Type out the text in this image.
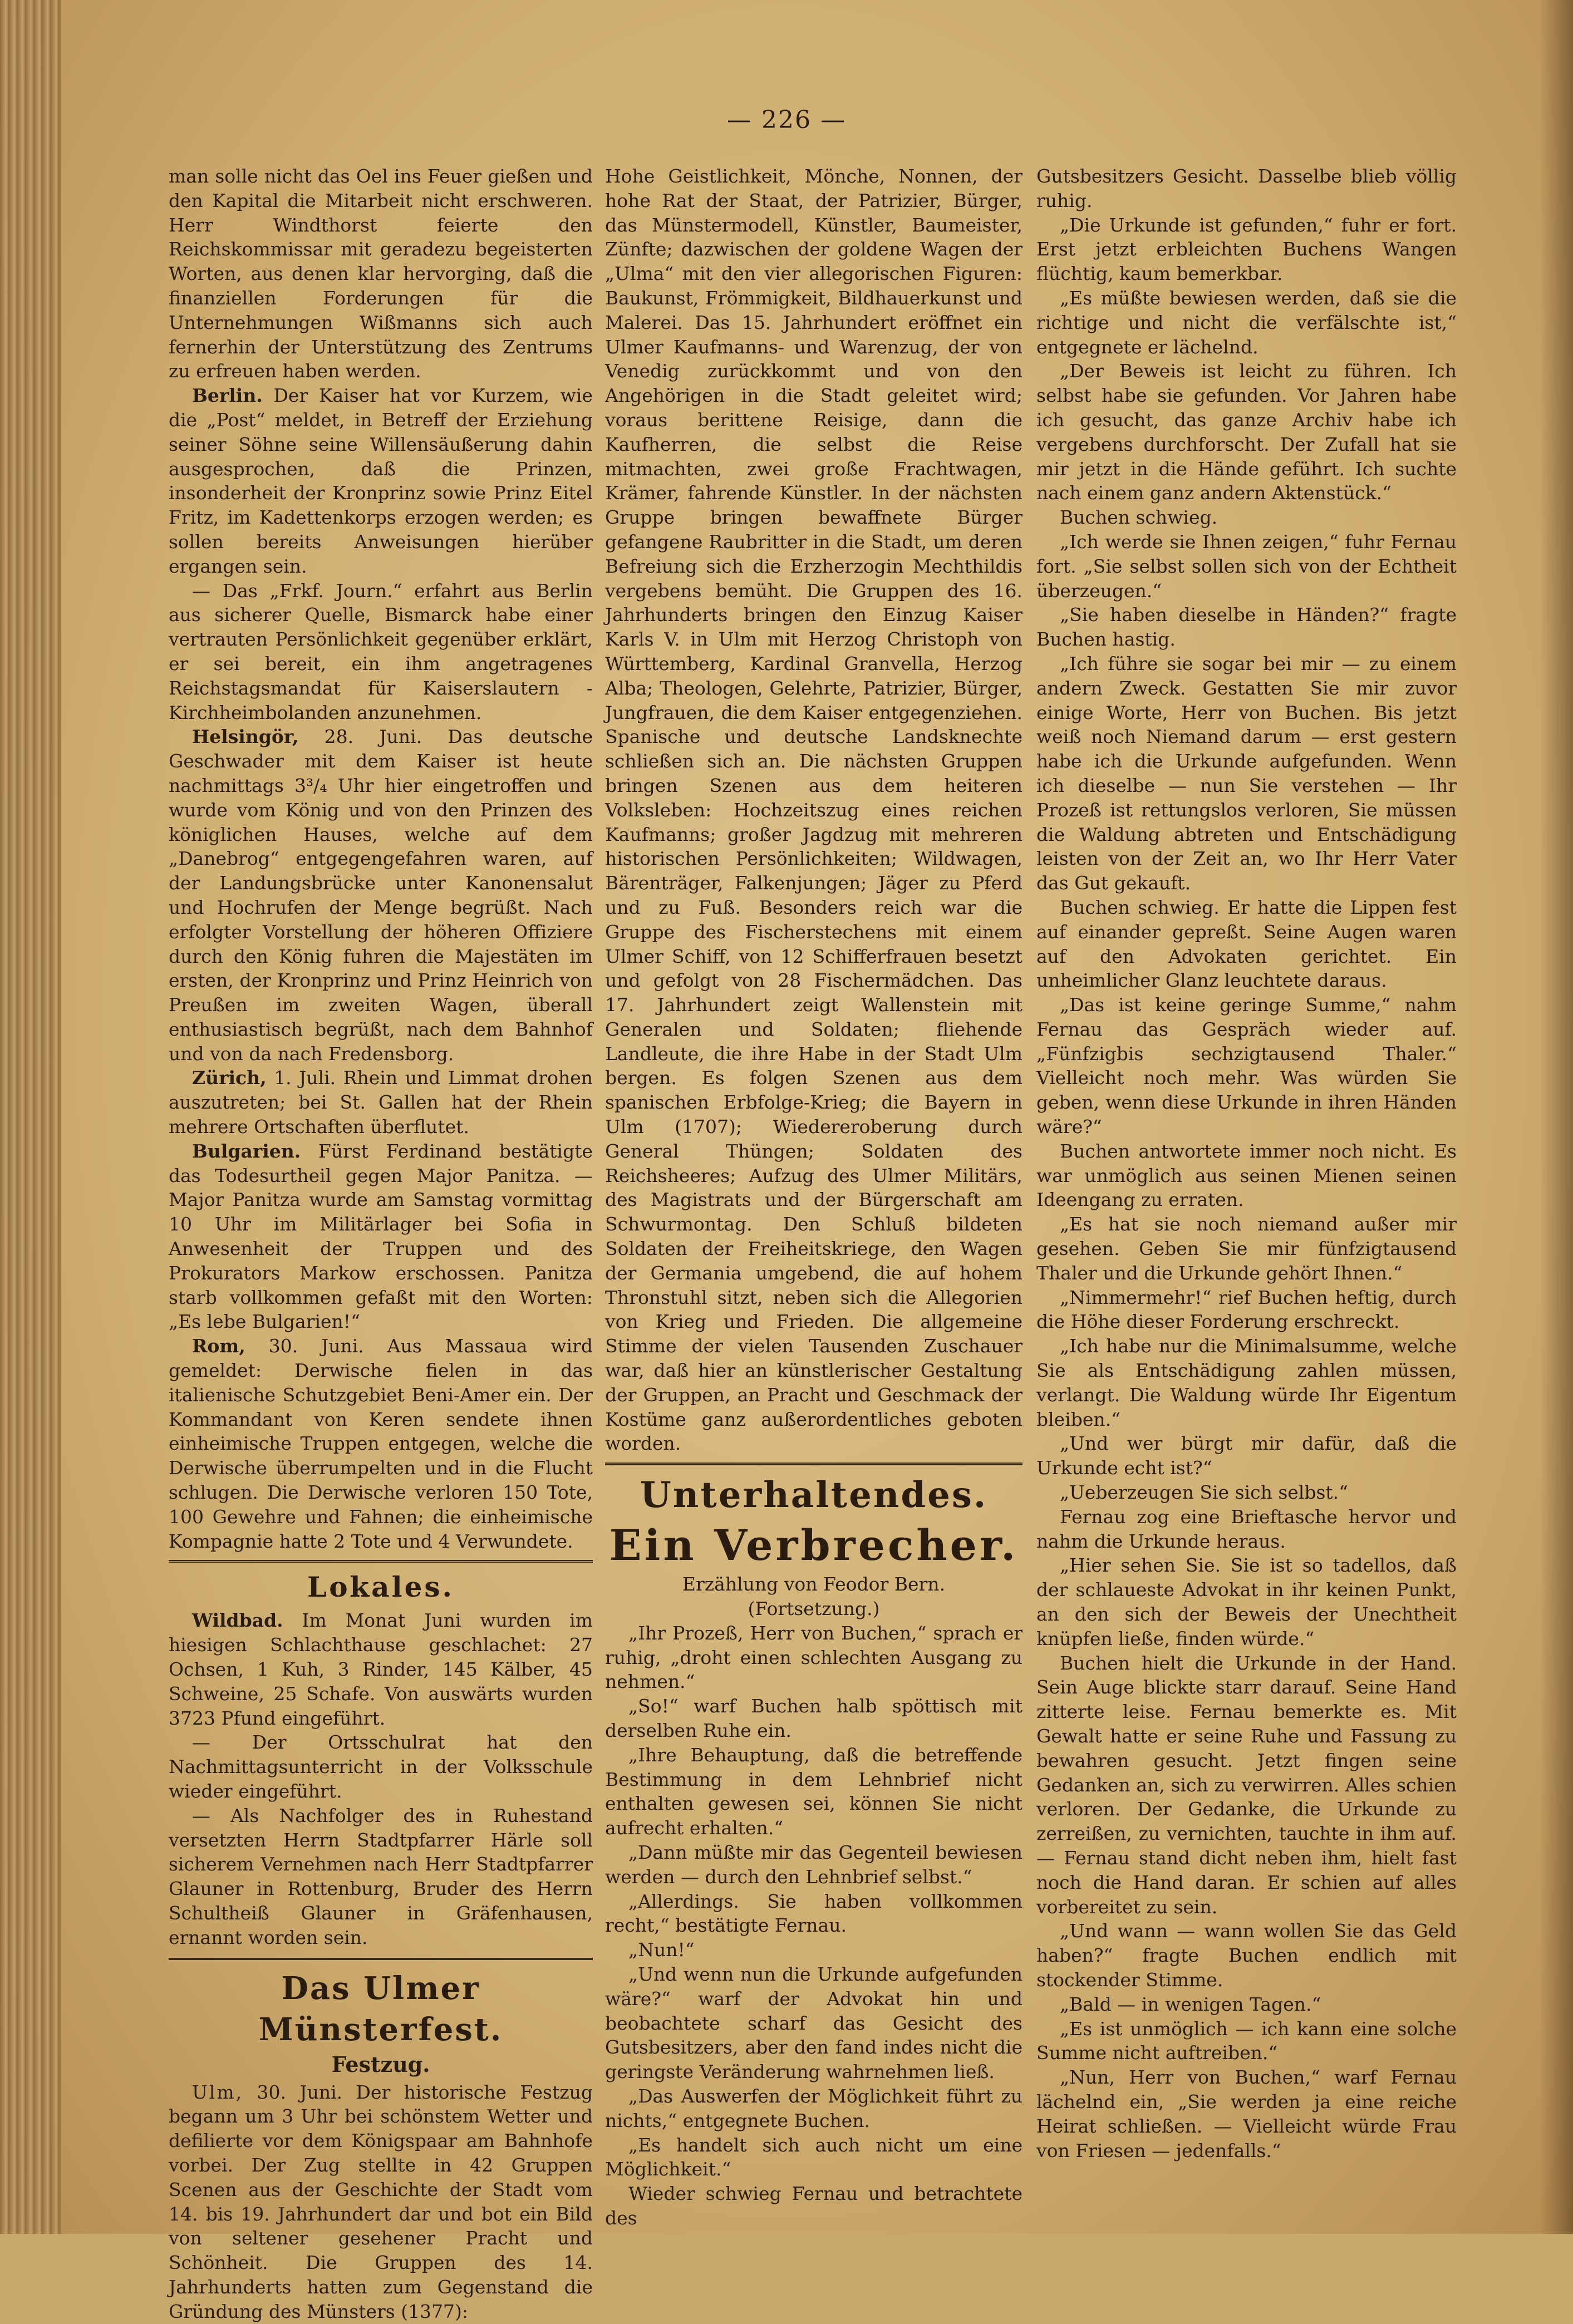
— 226 —

man solle nicht das Oel ins Feuer gießen und den Kapital die Mitarbeit nicht erschweren. Herr Windthorst feierte den Reichskommissar mit geradezu begeisterten Worten, aus denen klar hervorging, daß die finanziellen Forderungen für die Unternehmungen Wißmanns sich auch fernerhin der Unterstützung des Zentrums zu erfreuen haben werden.

Berlin. Der Kaiser hat vor Kurzem, wie die „Post“ meldet, in Betreff der Erziehung seiner Söhne seine Willensäußerung dahin ausgesprochen, daß die Prinzen, insonderheit der Kronprinz sowie Prinz Eitel Fritz, im Kadettenkorps erzogen werden; es sollen bereits Anweisungen hierüber ergangen sein.

— Das „Frkf. Journ.“ erfahrt aus Berlin aus sicherer Quelle, Bismarck habe einer vertrauten Persönlichkeit gegenüber erklärt, er sei bereit, ein ihm angetragenes Reichstagsmandat für Kaiserslautern - Kirchheimbolanden anzunehmen.

Helsingör, 28. Juni. Das deutsche Geschwader mit dem Kaiser ist heute nachmittags 3³/₄ Uhr hier eingetroffen und wurde vom König und von den Prinzen des königlichen Hauses, welche auf dem „Danebrog“ entgegengefahren waren, auf der Landungsbrücke unter Kanonensalut und Hochrufen der Menge begrüßt. Nach erfolgter Vorstellung der höheren Offiziere durch den König fuhren die Majestäten im ersten, der Kronprinz und Prinz Heinrich von Preußen im zweiten Wagen, überall enthusiastisch begrüßt, nach dem Bahnhof und von da nach Fredensborg.

Zürich, 1. Juli. Rhein und Limmat drohen auszutreten; bei St. Gallen hat der Rhein mehrere Ortschaften überflutet.

Bulgarien. Fürst Ferdinand bestätigte das Todesurtheil gegen Major Panitza. — Major Panitza wurde am Samstag vormittag 10 Uhr im Militärlager bei Sofia in Anwesenheit der Truppen und des Prokurators Markow erschossen. Panitza starb vollkommen gefaßt mit den Worten: „Es lebe Bulgarien!“

Rom, 30. Juni. Aus Massaua wird gemeldet: Derwische fielen in das italienische Schutzgebiet Beni-Amer ein. Der Kommandant von Keren sendete ihnen einheimische Truppen entgegen, welche die Derwische überrumpelten und in die Flucht schlugen. Die Derwische verloren 150 Tote, 100 Gewehre und Fahnen; die einheimische Kompagnie hatte 2 Tote und 4 Verwundete.

Lokales.

Wildbad. Im Monat Juni wurden im hiesigen Schlachthause geschlachet: 27 Ochsen, 1 Kuh, 3 Rinder, 145 Kälber, 45 Schweine, 25 Schafe. Von auswärts wurden 3723 Pfund eingeführt.

— Der Ortsschulrat hat den Nachmittagsunterricht in der Volksschule wieder eingeführt.

— Als Nachfolger des in Ruhestand versetzten Herrn Stadtpfarrer Härle soll sicherem Vernehmen nach Herr Stadtpfarrer Glauner in Rottenburg, Bruder des Herrn Schultheiß Glauner in Gräfenhausen, ernannt worden sein.

Das Ulmer Münsterfest.
Festzug.

Ulm, 30. Juni. Der historische Festzug begann um 3 Uhr bei schönstem Wetter und defilierte vor dem Königspaar am Bahnhofe vorbei. Der Zug stellte in 42 Gruppen Scenen aus der Geschichte der Stadt vom 14. bis 19. Jahrhundert dar und bot ein Bild von seltener gesehener Pracht und Schönheit. Die Gruppen des 14. Jahrhunderts hatten zum Gegenstand die Gründung des Münsters (1377):

Hohe Geistlichkeit, Mönche, Nonnen, der hohe Rat der Staat, der Patrizier, Bürger, das Münstermodell, Künstler, Baumeister, Zünfte; dazwischen der goldene Wagen der „Ulma“ mit den vier allegorischen Figuren: Baukunst, Frömmigkeit, Bildhauerkunst und Malerei. Das 15. Jahrhundert eröffnet ein Ulmer Kaufmanns- und Warenzug, der von Venedig zurückkommt und von den Angehörigen in die Stadt geleitet wird; voraus berittene Reisige, dann die Kaufherren, die selbst die Reise mitmachten, zwei große Frachtwagen, Krämer, fahrende Künstler. In der nächsten Gruppe bringen bewaffnete Bürger gefangene Raubritter in die Stadt, um deren Befreiung sich die Erzherzogin Mechthildis vergebens bemüht. Die Gruppen des 16. Jahrhunderts bringen den Einzug Kaiser Karls V. in Ulm mit Herzog Christoph von Württemberg, Kardinal Granvella, Herzog Alba; Theologen, Gelehrte, Patrizier, Bürger, Jungfrauen, die dem Kaiser entgegenziehen. Spanische und deutsche Landsknechte schließen sich an. Die nächsten Gruppen bringen Szenen aus dem heiteren Volksleben: Hochzeitszug eines reichen Kaufmanns; großer Jagdzug mit mehreren historischen Persönlichkeiten; Wildwagen, Bärenträger, Falkenjungen; Jäger zu Pferd und zu Fuß. Besonders reich war die Gruppe des Fischerstechens mit einem Ulmer Schiff, von 12 Schifferfrauen besetzt und gefolgt von 28 Fischermädchen. Das 17. Jahrhundert zeigt Wallenstein mit Generalen und Soldaten; fliehende Landleute, die ihre Habe in der Stadt Ulm bergen. Es folgen Szenen aus dem spanischen Erbfolge-Krieg; die Bayern in Ulm (1707); Wiedereroberung durch General Thüngen; Soldaten des Reichsheeres; Aufzug des Ulmer Militärs, des Magistrats und der Bürgerschaft am Schwurmontag. Den Schluß bildeten Soldaten der Freiheitskriege, den Wagen der Germania umgebend, die auf hohem Thronstuhl sitzt, neben sich die Allegorien von Krieg und Frieden. Die allgemeine Stimme der vielen Tausenden Zuschauer war, daß hier an künstlerischer Gestaltung der Gruppen, an Pracht und Geschmack der Kostüme ganz außerordentliches geboten worden.

Unterhaltendes.
Ein Verbrecher.

Erzählung von Feodor Bern.

(Fortsetzung.)

„Ihr Prozeß, Herr von Buchen,“ sprach er ruhig, „droht einen schlechten Ausgang zu nehmen.“

„So!“ warf Buchen halb spöttisch mit derselben Ruhe ein.

„Ihre Behauptung, daß die betreffende Bestimmung in dem Lehnbrief nicht enthalten gewesen sei, können Sie nicht aufrecht erhalten.“

„Dann müßte mir das Gegenteil bewiesen werden — durch den Lehnbrief selbst.“

„Allerdings. Sie haben vollkommen recht,“ bestätigte Fernau.

„Nun!“

„Und wenn nun die Urkunde aufgefunden wäre?“ warf der Advokat hin und beobachtete scharf das Gesicht des Gutsbesitzers, aber den fand indes nicht die geringste Veränderung wahrnehmen ließ.

„Das Auswerfen der Möglichkeit führt zu nichts,“ entgegnete Buchen.

„Es handelt sich auch nicht um eine Möglichkeit.“

Wieder schwieg Fernau und betrachtete des

Gutsbesitzers Gesicht. Dasselbe blieb völlig ruhig.

„Die Urkunde ist gefunden,“ fuhr er fort. Erst jetzt erbleichten Buchens Wangen flüchtig, kaum bemerkbar.

„Es müßte bewiesen werden, daß sie die richtige und nicht die verfälschte ist,“ entgegnete er lächelnd.

„Der Beweis ist leicht zu führen. Ich selbst habe sie gefunden. Vor Jahren habe ich gesucht, das ganze Archiv habe ich vergebens durchforscht. Der Zufall hat sie mir jetzt in die Hände geführt. Ich suchte nach einem ganz andern Aktenstück.“

Buchen schwieg.

„Ich werde sie Ihnen zeigen,“ fuhr Fernau fort. „Sie selbst sollen sich von der Echtheit überzeugen.“

„Sie haben dieselbe in Händen?“ fragte Buchen hastig.

„Ich führe sie sogar bei mir — zu einem andern Zweck. Gestatten Sie mir zuvor einige Worte, Herr von Buchen. Bis jetzt weiß noch Niemand darum — erst gestern habe ich die Urkunde aufgefunden. Wenn ich dieselbe — nun Sie verstehen — Ihr Prozeß ist rettungslos verloren, Sie müssen die Waldung abtreten und Entschädigung leisten von der Zeit an, wo Ihr Herr Vater das Gut gekauft.

Buchen schwieg. Er hatte die Lippen fest auf einander gepreßt. Seine Augen waren auf den Advokaten gerichtet. Ein unheimlicher Glanz leuchtete daraus.

„Das ist keine geringe Summe,“ nahm Fernau das Gespräch wieder auf. „Fünfzigbis sechzigtausend Thaler.“ Vielleicht noch mehr. Was würden Sie geben, wenn diese Urkunde in ihren Händen wäre?“

Buchen antwortete immer noch nicht. Es war unmöglich aus seinen Mienen seinen Ideengang zu erraten.

„Es hat sie noch niemand außer mir gesehen. Geben Sie mir fünfzigtausend Thaler und die Urkunde gehört Ihnen.“

„Nimmermehr!“ rief Buchen heftig, durch die Höhe dieser Forderung erschreckt.

„Ich habe nur die Minimalsumme, welche Sie als Entschädigung zahlen müssen, verlangt. Die Waldung würde Ihr Eigentum bleiben.“

„Und wer bürgt mir dafür, daß die Urkunde echt ist?“

„Ueberzeugen Sie sich selbst.“

Fernau zog eine Brieftasche hervor und nahm die Urkunde heraus.

„Hier sehen Sie. Sie ist so tadellos, daß der schlaueste Advokat in ihr keinen Punkt, an den sich der Beweis der Unechtheit knüpfen ließe, finden würde.“

Buchen hielt die Urkunde in der Hand. Sein Auge blickte starr darauf. Seine Hand zitterte leise. Fernau bemerkte es. Mit Gewalt hatte er seine Ruhe und Fassung zu bewahren gesucht. Jetzt fingen seine Gedanken an, sich zu verwirren. Alles schien verloren. Der Gedanke, die Urkunde zu zerreißen, zu vernichten, tauchte in ihm auf. — Fernau stand dicht neben ihm, hielt fast noch die Hand daran. Er schien auf alles vorbereitet zu sein.

„Und wann — wann wollen Sie das Geld haben?“ fragte Buchen endlich mit stockender Stimme.

„Bald — in wenigen Tagen.“

„Es ist unmöglich — ich kann eine solche Summe nicht auftreiben.“

„Nun, Herr von Buchen,“ warf Fernau lächelnd ein, „Sie werden ja eine reiche Heirat schließen. — Vielleicht würde Frau von Friesen — jedenfalls.“
